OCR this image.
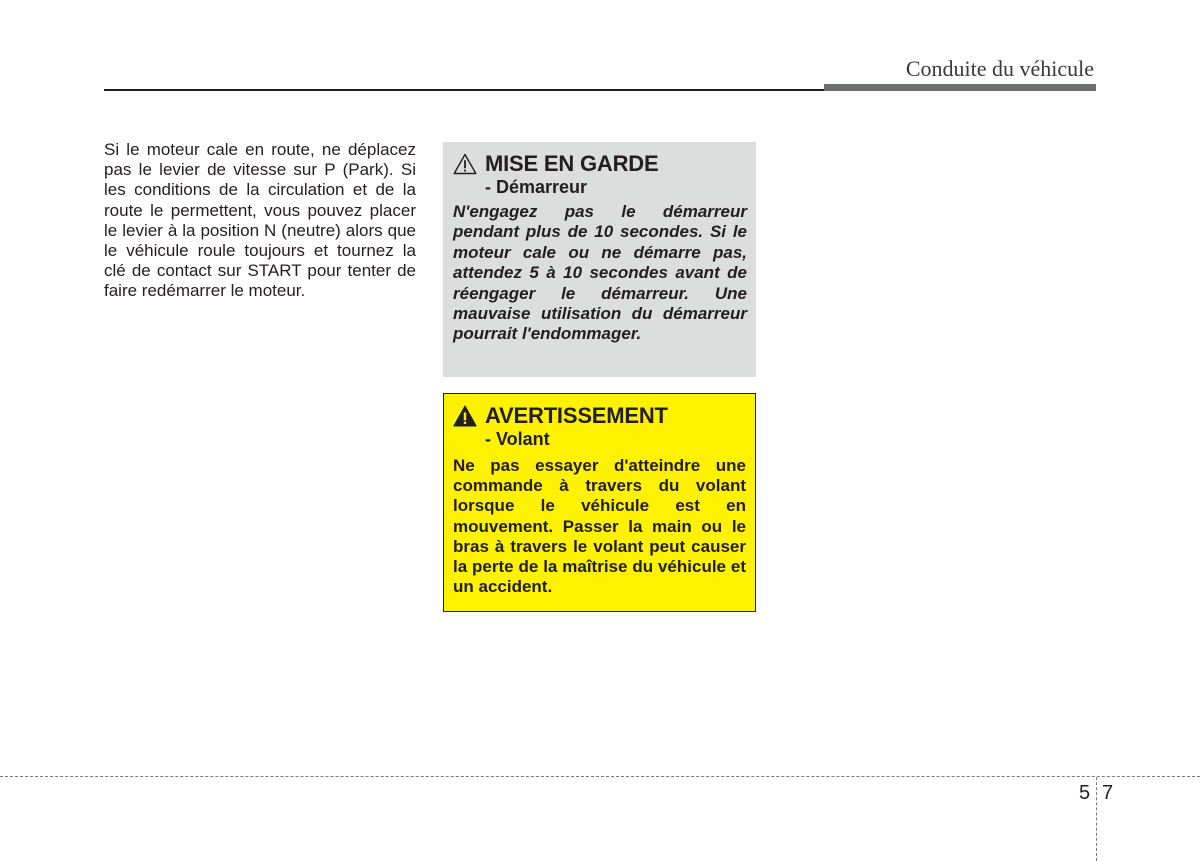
Conduite du véhicule
Si le moteur cale en route, ne déplacez pas le levier de vitesse sur P (Park). Si les conditions de la circulation et de la route le permettent, vous pouvez placer le levier à la position N (neutre) alors que le véhicule roule toujours et tournez la clé de contact sur START pour tenter de faire redémarrer le moteur.
MISE EN GARDE
- Démarreur
N'engagez pas le démarreur pendant plus de 10 secondes. Si le moteur cale ou ne démarre pas, attendez 5 à 10 secondes avant de réengager le démarreur. Une mauvaise utilisation du démarreur pourrait l'endommager.
AVERTISSEMENT
- Volant
Ne pas essayer d'atteindre une commande à travers du volant lorsque le véhicule est en mouvement. Passer la main ou le bras à travers le volant peut causer la perte de la maîtrise du véhicule et un accident.
5 7
